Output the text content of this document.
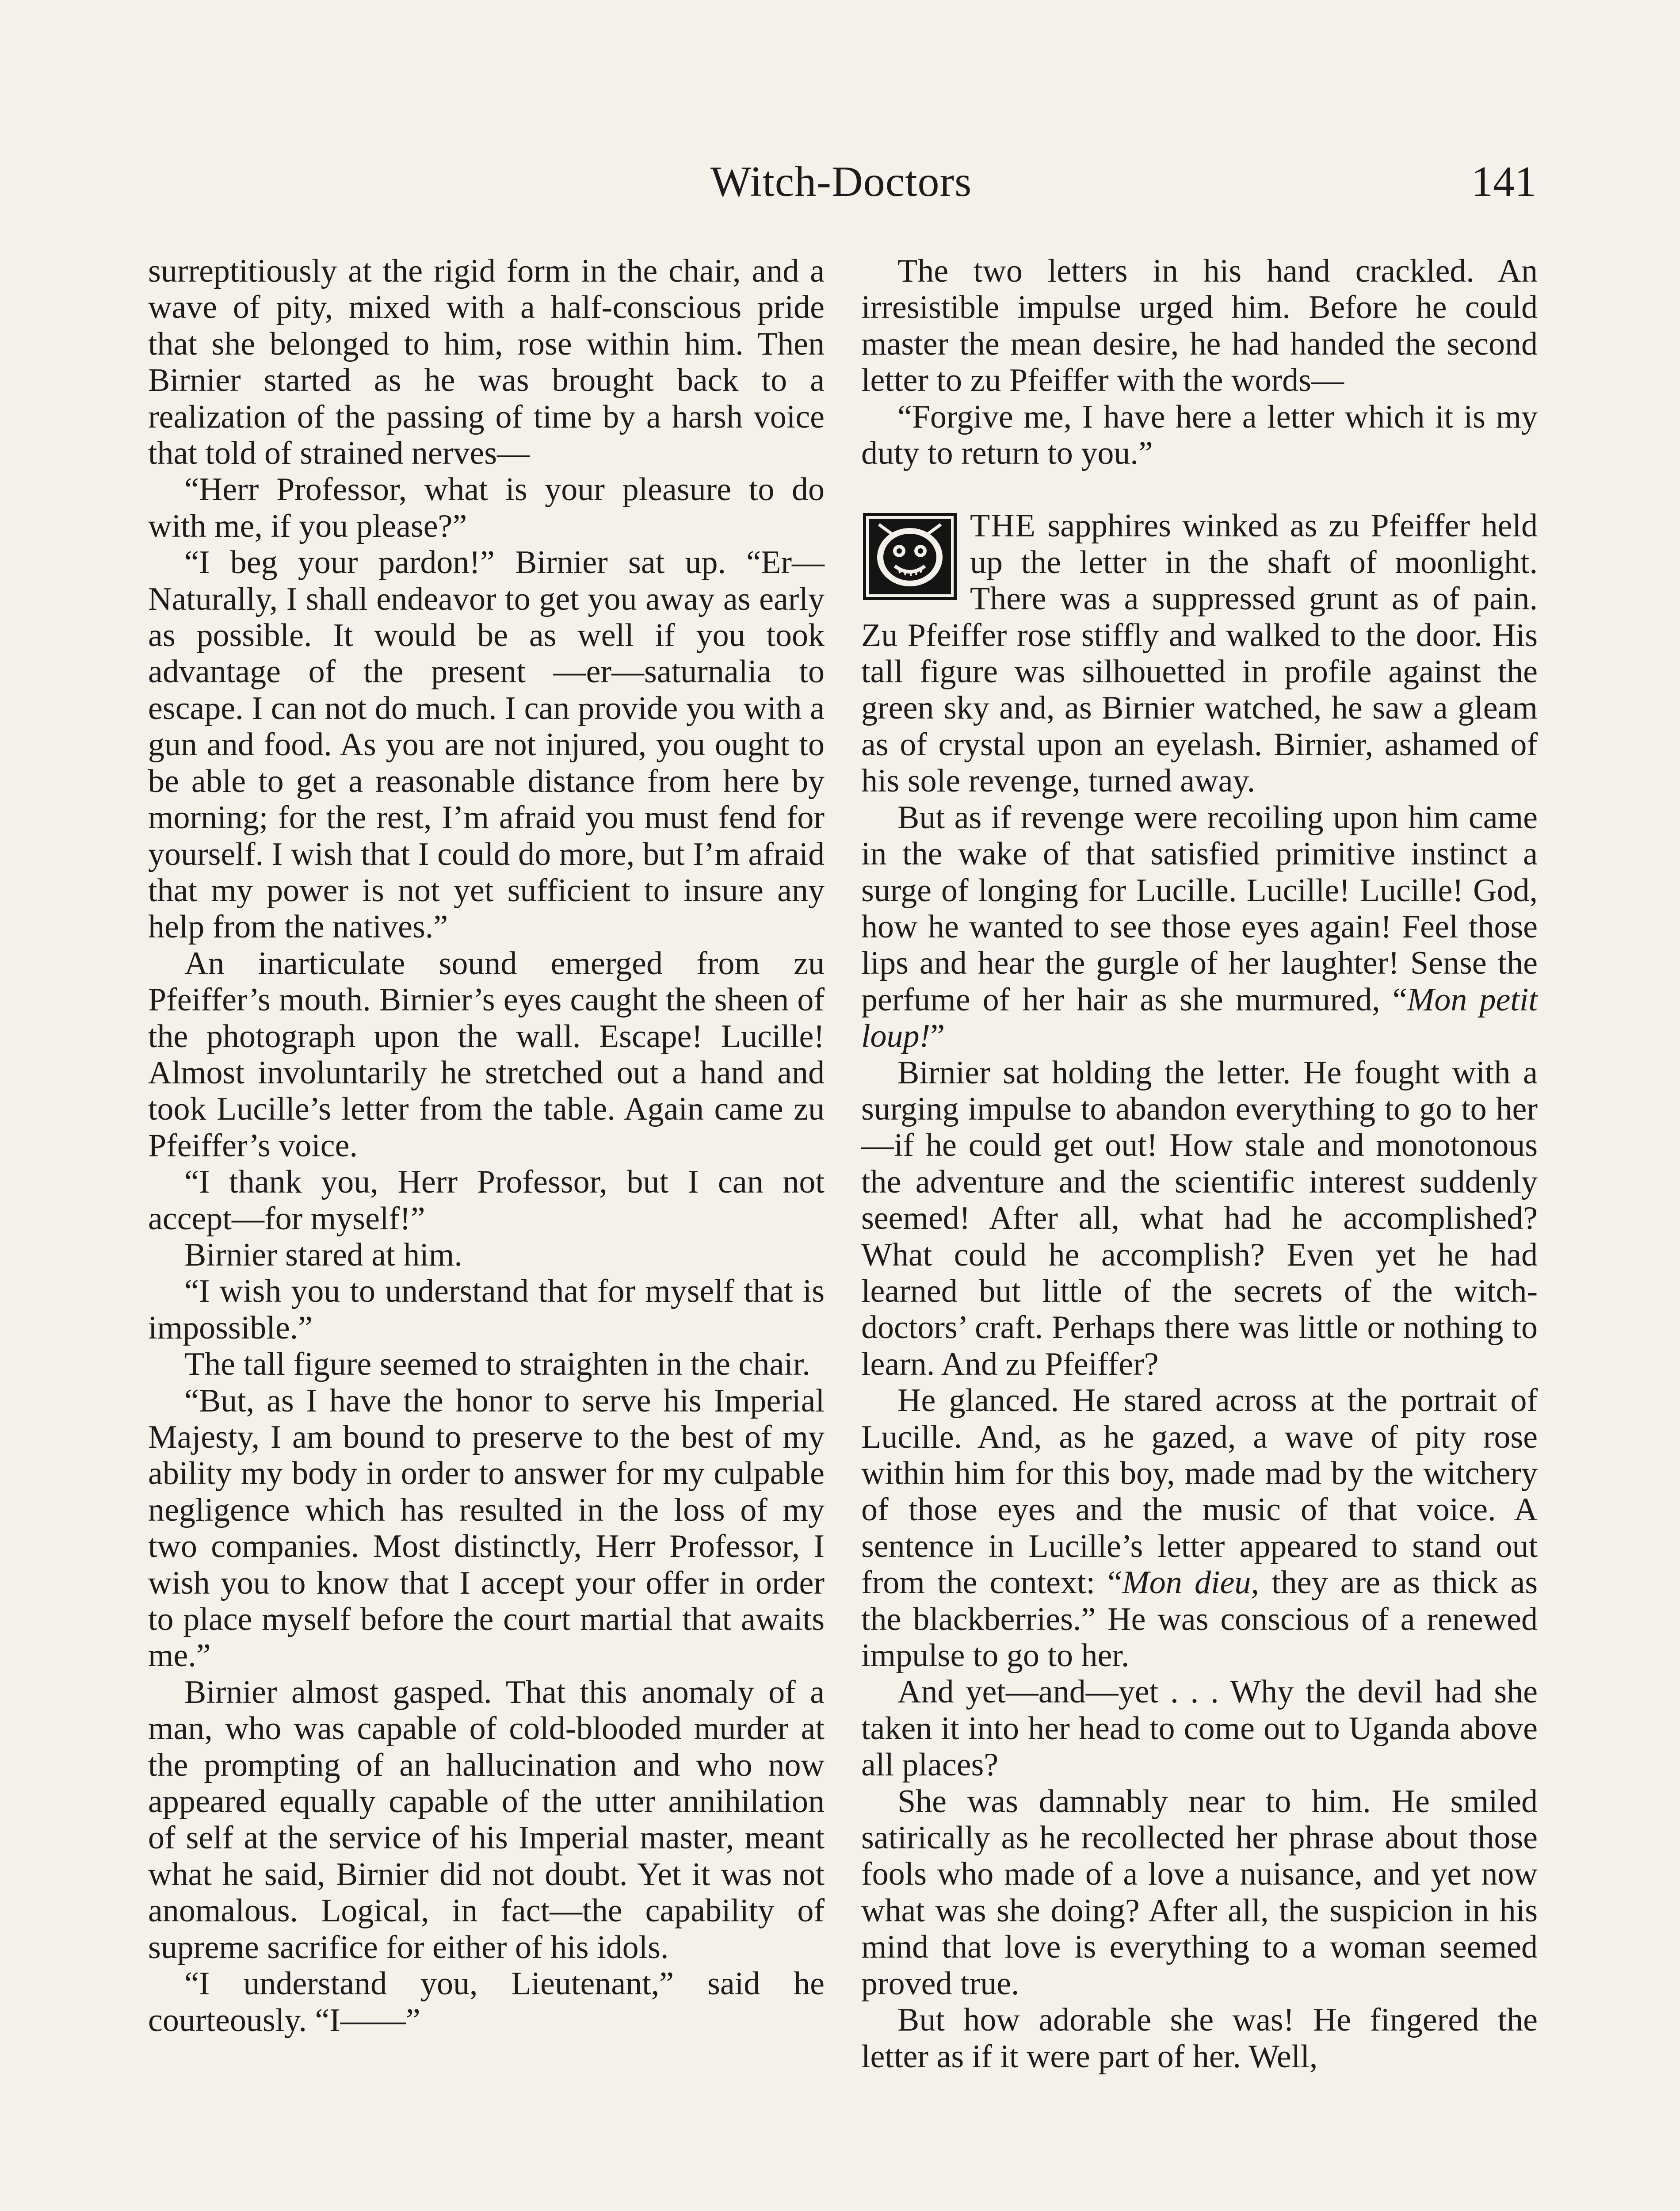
Witch-Doctors	141

surreptitiously at the rigid form in the chair, and a wave of pity, mixed with a half-conscious pride that she belonged to him, rose within him. Then Birnier started as he was brought back to a realization of the passing of time by a harsh voice that told of strained nerves—

“Herr Professor, what is your pleasure to do with me, if you please?”

“I beg your pardon!” Birnier sat up. “Er— Naturally, I shall endeavor to get you away as early as possible. It would be as well if you took advantage of the present —er—saturnalia to escape. I can not do much. I can provide you with a gun and food. As you are not injured, you ought to be able to get a reasonable distance from here by morning; for the rest, I’m afraid you must fend for yourself. I wish that I could do more, but I’m afraid that my power is not yet sufficient to insure any help from the natives.”

An inarticulate sound emerged from zu Pfeiffer’s mouth. Birnier’s eyes caught the sheen of the photograph upon the wall. Escape! Lucille! Almost involuntarily he stretched out a hand and took Lucille’s letter from the table. Again came zu Pfeiffer’s voice.

“I thank you, Herr Professor, but I can not accept—for myself!”

Birnier stared at him.

“I wish you to understand that for myself that is impossible.”

The tall figure seemed to straighten in the chair.

“But, as I have the honor to serve his Imperial Majesty, I am bound to preserve to the best of my ability my body in order to answer for my culpable negligence which has resulted in the loss of my two companies. Most distinctly, Herr Professor, I wish you to know that I accept your offer in order to place myself before the court martial that awaits me.”

Birnier almost gasped. That this anomaly of a man, who was capable of cold-blooded murder at the prompting of an hallucination and who now appeared equally capable of the utter annihilation of self at the service of his Imperial master, meant what he said, Birnier did not doubt. Yet it was not anomalous. Logical, in fact—the capability of supreme sacrifice for either of his idols.

“I understand you, Lieutenant,” said he courteously. “I——”

The two letters in his hand crackled. An irresistible impulse urged him. Before he could master the mean desire, he had handed the second letter to zu Pfeiffer with the words—

“Forgive me, I have here a letter which it is my duty to return to you.”

THE sapphires winked as zu Pfeiffer held up the letter in the shaft of moonlight. There was a suppressed grunt as of pain. Zu Pfeiffer rose stiffly and walked to the door. His tall figure was silhouetted in profile against the green sky and, as Birnier watched, he saw a gleam as of crystal upon an eyelash. Birnier, ashamed of his sole revenge, turned away.

But as if revenge were recoiling upon him came in the wake of that satisfied primitive instinct a surge of longing for Lucille. Lucille! Lucille! God, how he wanted to see those eyes again! Feel those lips and hear the gurgle of her laughter! Sense the perfume of her hair as she murmured, “Mon petit loup!”

Birnier sat holding the letter. He fought with a surging impulse to abandon everything to go to her—if he could get out! How stale and monotonous the adventure and the scientific interest suddenly seemed! After all, what had he accomplished? What could he accomplish? Even yet he had learned but little of the secrets of the witch-doctors’ craft. Perhaps there was little or nothing to learn. And zu Pfeiffer?

He glanced. He stared across at the portrait of Lucille. And, as he gazed, a wave of pity rose within him for this boy, made mad by the witchery of those eyes and the music of that voice. A sentence in Lucille’s letter appeared to stand out from the context: “Mon dieu, they are as thick as the blackberries.” He was conscious of a renewed impulse to go to her.

And yet—and—yet . . . Why the devil had she taken it into her head to come out to Uganda above all places?

She was damnably near to him. He smiled satirically as he recollected her phrase about those fools who made of a love a nuisance, and yet now what was she doing? After all, the suspicion in his mind that love is everything to a woman seemed proved true.

But how adorable she was! He fingered the letter as if it were part of her. Well,
